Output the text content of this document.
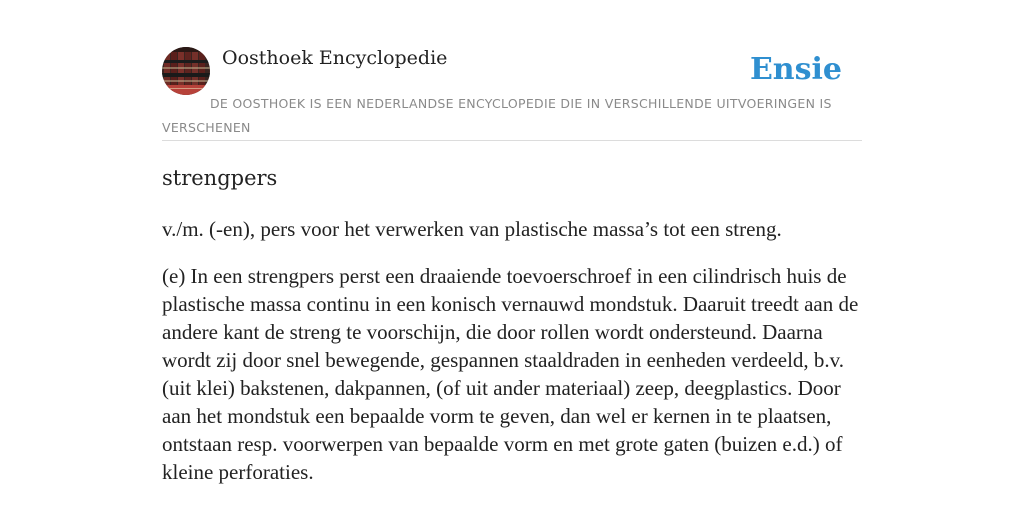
Oosthoek Encyclopedie	Ensie
DE OOSTHOEK IS EEN NEDERLANDSE ENCYCLOPEDIE DIE IN VERSCHILLENDE UITVOERINGEN IS VERSCHENEN
strengpers

v./m. (-en), pers voor het verwerken van plastische massa’s tot een streng.

(e) In een strengpers perst een draaiende toevoerschroef in een cilindrisch huis de plastische massa continu in een konisch vernauwd mondstuk. Daaruit treedt aan de andere kant de streng te voorschijn, die door rollen wordt ondersteund. Daarna wordt zij door snel bewegende, gespannen staaldraden in eenheden verdeeld, b.v. (uit klei) bakstenen, dakpannen, (of uit ander materiaal) zeep, deegplastics. Door aan het mondstuk een bepaalde vorm te geven, dan wel er kernen in te plaatsen, ontstaan resp. voorwerpen van bepaalde vorm en met grote gaten (buizen e.d.) of kleine perforaties.
